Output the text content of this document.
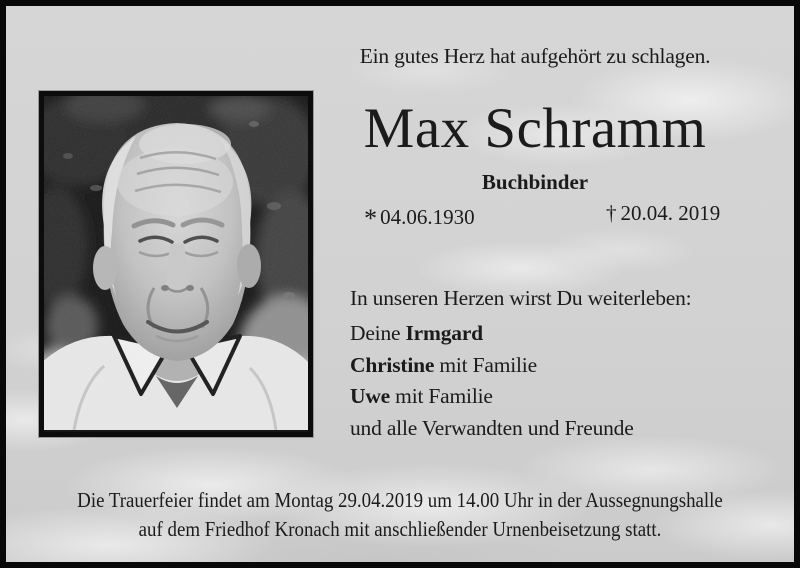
Ein gutes Herz hat aufgehört zu schlagen.
Max Schramm
Buchbinder
* 04.06.1930	† 20.04. 2019
In unseren Herzen wirst Du weiterleben:
Deine Irmgard
Christine mit Familie
Uwe mit Familie
und alle Verwandten und Freunde
Die Trauerfeier findet am Montag 29.04.2019 um 14.00 Uhr in der Aussegnungshalle
auf dem Friedhof Kronach mit anschließender Urnenbeisetzung statt.
